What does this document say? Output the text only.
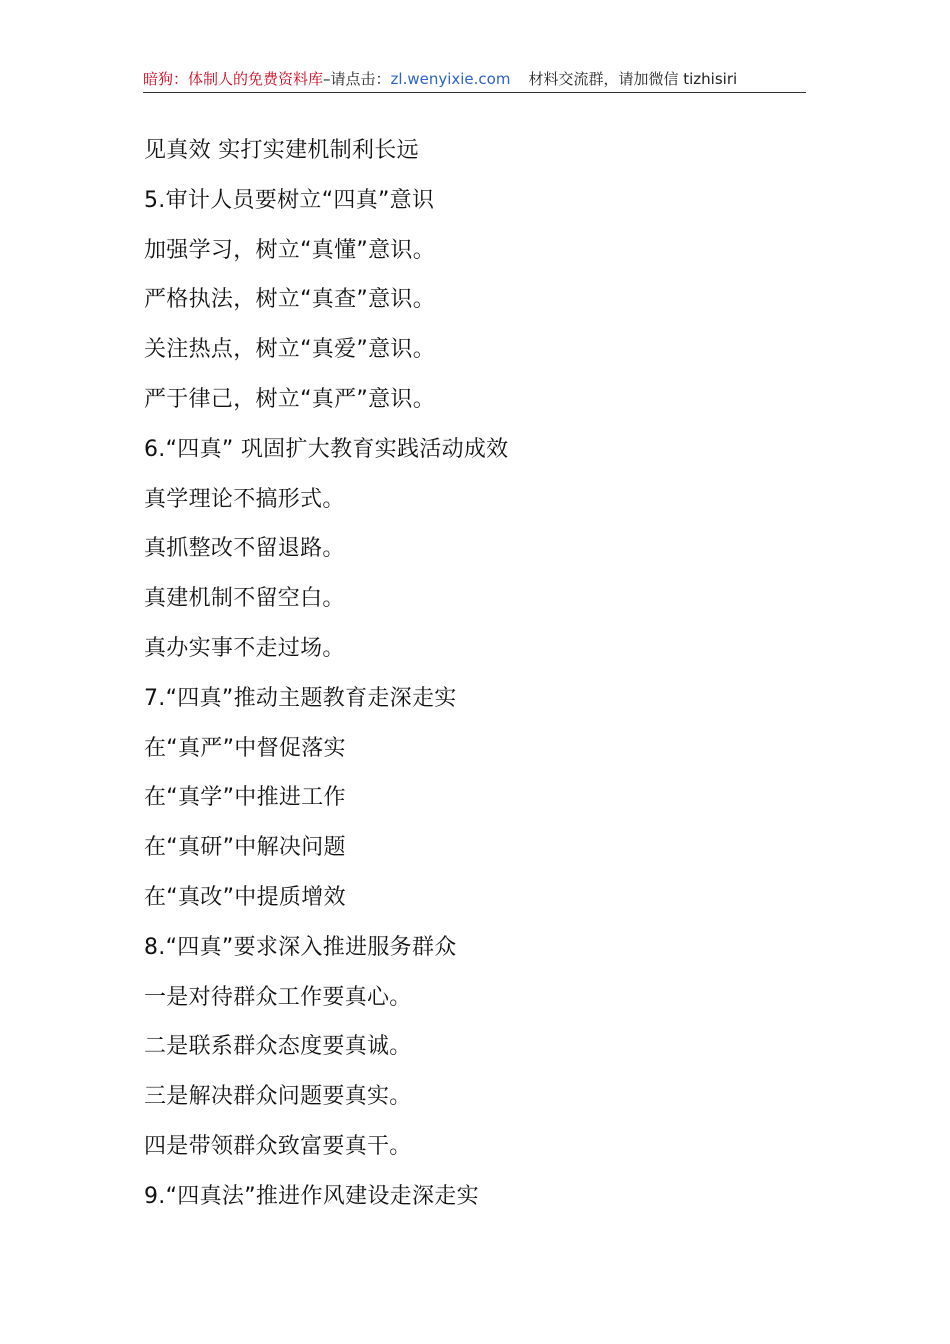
暗狗：体制人的免费资料库–请点击：zl.wenyixie.com 材料交流群，请加微信 tizhisiri
见真效 实打实建机制利长远
5.审计人员要树立“四真”意识
加强学习，树立“真懂”意识。
严格执法，树立“真查”意识。
关注热点，树立“真爱”意识。
严于律己，树立“真严”意识。
6.“四真” 巩固扩大教育实践活动成效
真学理论不搞形式。
真抓整改不留退路。
真建机制不留空白。
真办实事不走过场。
7.“四真”推动主题教育走深走实
在“真严”中督促落实
在“真学”中推进工作
在“真研”中解决问题
在“真改”中提质增效
8.“四真”要求深入推进服务群众
一是对待群众工作要真心。
二是联系群众态度要真诚。
三是解决群众问题要真实。
四是带领群众致富要真干。
9.“四真法”推进作风建设走深走实
